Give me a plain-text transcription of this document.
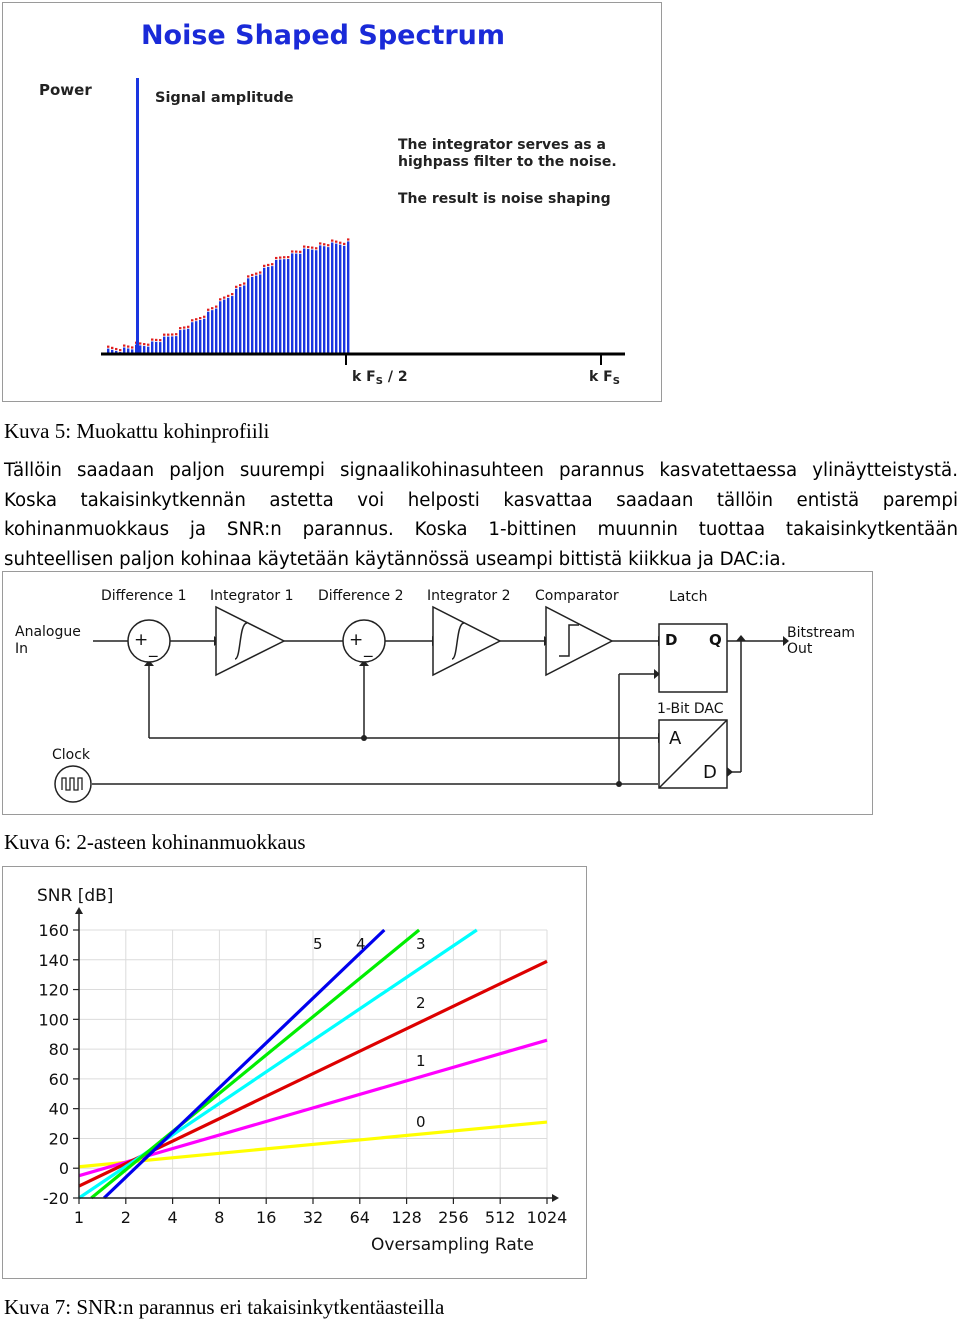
Noise Shaped Spectrum
Power	Signal amplitude
The integrator serves as a
highpass filter to the noise.
The result is noise shaping
k $F_S / 2$	k $F_S$
Kuva 5: Muokattu kohinprofiili
Tällöin saadaan paljon suurempi signaalikohinasuhteen parannus kasvatettaessa ylinäytteistystä.
Koska takaisinkytkennän astetta voi helposti kasvattaa saadaan tällöin entistä parempi
kohinanmuokkaus ja SNR:n parannus. Koska 1-bittinen muunnin tuottaa takaisinkytkentään
suhteellisen paljon kohinaa käytetään käytännössä useampi bittistä kiikkua ja DAC:ia.
Difference 1 Integrator 1 Difference 2 Integrator 2 Comparator	Latch
Analogue
In
Bitstream
Out
1-Bit DAC
Clock
+ _	+ _	D Q
A
D
Kuva 6: 2-asteen kohinanmuokkaus
SNR [dB]
Oversampling Rate
-20
0
20
40
60
80
100
120
140
160
1 2 4 8 16 32 64 128 256 512 1024
0
1
2
3
4
5
Kuva 7: SNR:n parannus eri takaisinkytkentäasteilla
